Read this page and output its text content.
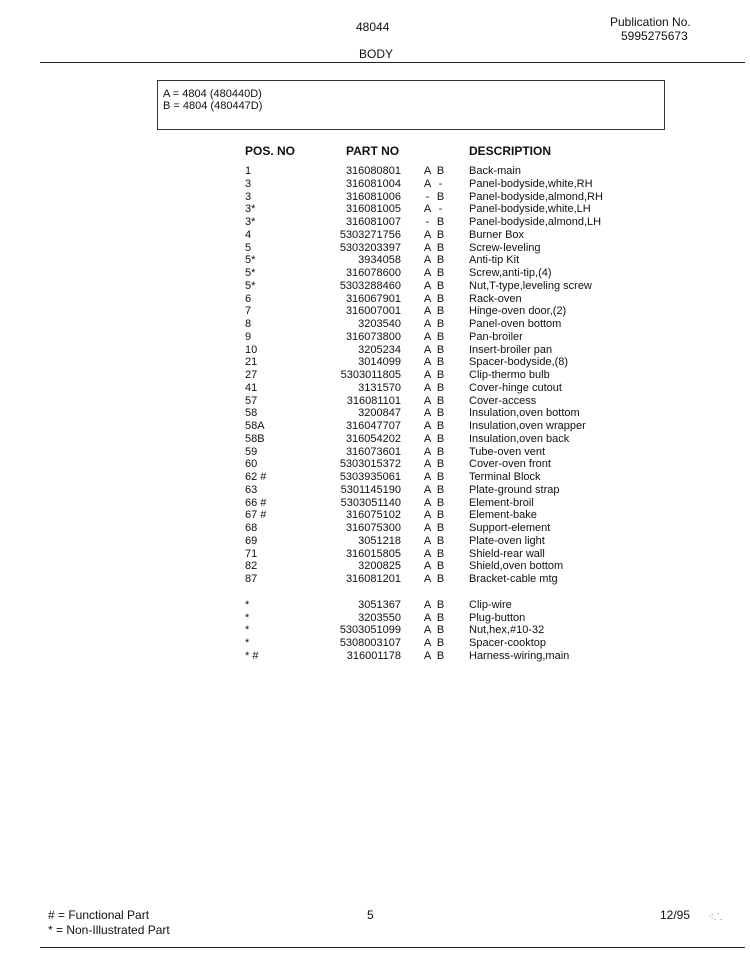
48044	Publication No.
5995275673
BODY
A = 4804 (480440D)
B = 4804 (480447D)
POS. NO	PART NO	DESCRIPTION
1	316080801 A B Back-main
3	316081004 A - Panel-bodyside,white,RH
3	316081006 - B Panel-bodyside,almond,RH
3*	316081005 A - Panel-bodyside,white,LH
3*	316081007 - B Panel-bodyside,almond,LH
4	5303271756 A B Burner Box
5	5303203397 A B Screw-leveling
5*	3934058 A B Anti-tip Kit
5*	316078600 A B Screw,anti-tip,(4)
5*	5303288460 A B Nut,T-type,leveling screw
6	316067901 A B Rack-oven
7	316007001 A B Hinge-oven door,(2)
8	3203540 A B Panel-oven bottom
9	316073800 A B Pan-broiler
10	3205234 A B Insert-broiler pan
21	3014099 A B Spacer-bodyside,(8)
27	5303011805 A B Clip-thermo bulb
41	3131570 A B Cover-hinge cutout
57	316081101 A B Cover-access
58	3200847 A B Insulation,oven bottom
58A	316047707 A B Insulation,oven wrapper
58B	316054202 A B Insulation,oven back
59	316073601 A B Tube-oven vent
60	5303015372 A B Cover-oven front
62 #	5303935061 A B Terminal Block
63	5301145190 A B Plate-ground strap
66 #	5303051140 A B Element-broil
67 #	316075102 A B Element-bake
68	316075300 A B Support-element
69	3051218 A B Plate-oven light
71	316015805 A B Shield-rear wall
82	3200825 A B Shield,oven bottom
87	316081201 A B Bracket-cable mtg
*	3051367 A B Clip-wire
*	3203550 A B Plug-button
*	5303051099 A B Nut,hex,#10-32
*	5308003107 A B Spacer-cooktop
* #	316001178 A B Harness-wiring,main
# = Functional Part
* = Non-Illustrated Part
5	12/95 ⁖⸫
